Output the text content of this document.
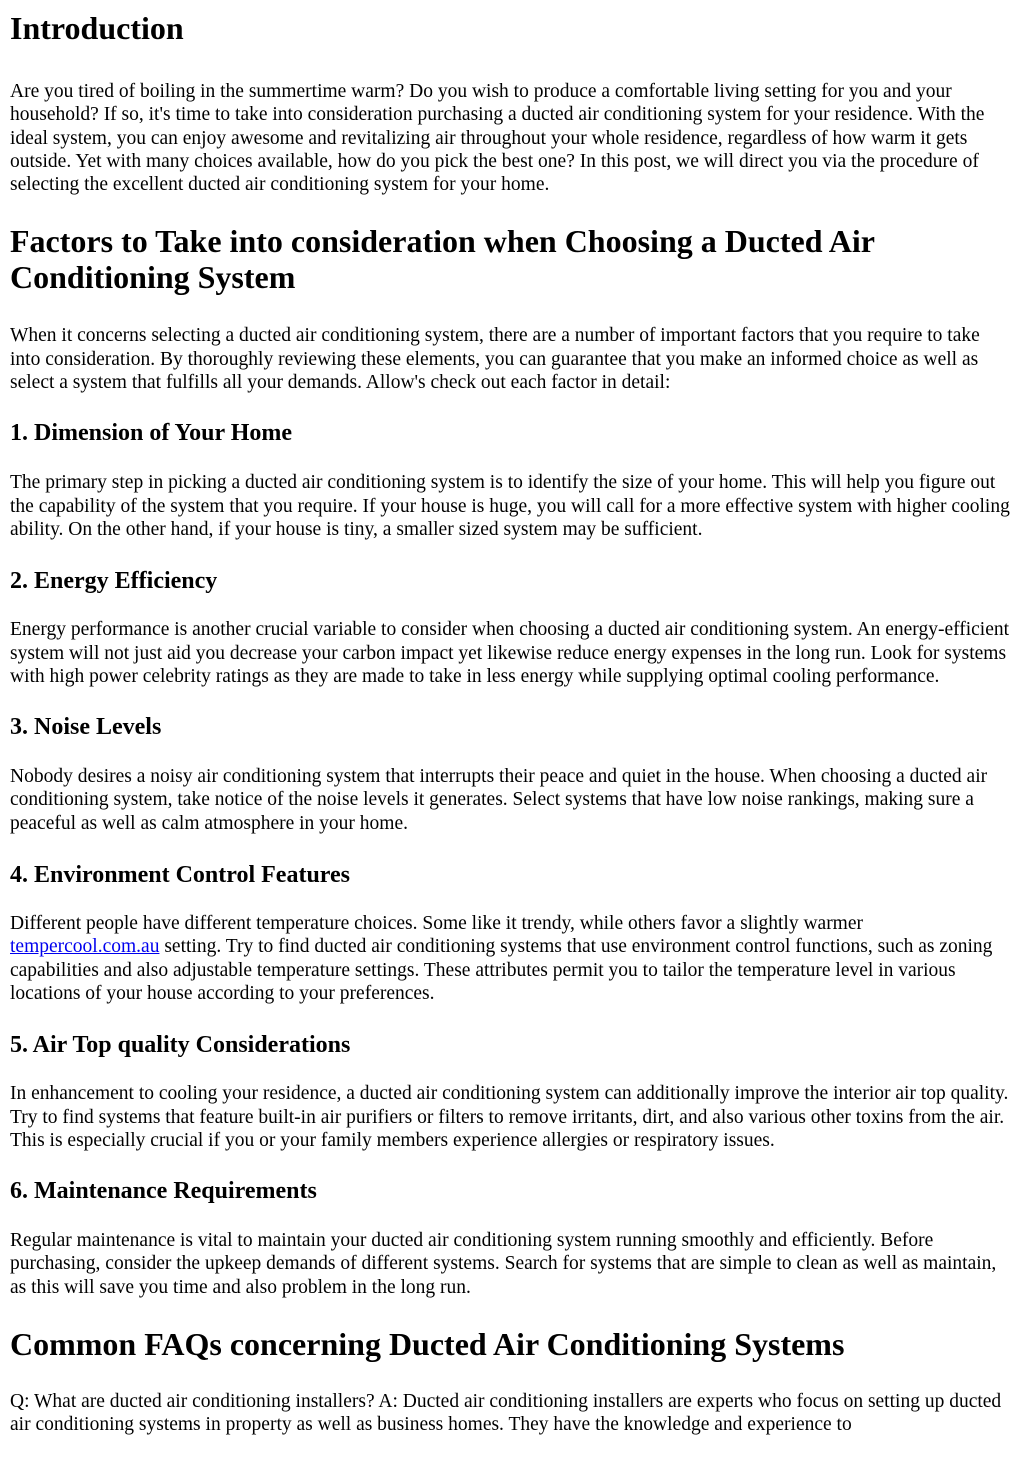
Introduction

Are you tired of boiling in the summertime warm? Do you wish to produce a comfortable living setting for you and your household? If so, it's time to take into consideration purchasing a ducted air conditioning system for your residence. With the ideal system, you can enjoy awesome and revitalizing air throughout your whole residence, regardless of how warm it gets outside. Yet with many choices available, how do you pick the best one? In this post, we will direct you via the procedure of selecting the excellent ducted air conditioning system for your home.

Factors to Take into consideration when Choosing a Ducted Air Conditioning System

When it concerns selecting a ducted air conditioning system, there are a number of important factors that you require to take into consideration. By thoroughly reviewing these elements, you can guarantee that you make an informed choice as well as select a system that fulfills all your demands. Allow's check out each factor in detail:

1. Dimension of Your Home

The primary step in picking a ducted air conditioning system is to identify the size of your home. This will help you figure out the capability of the system that you require. If your house is huge, you will call for a more effective system with higher cooling ability. On the other hand, if your house is tiny, a smaller sized system may be sufficient.

2. Energy Efficiency

Energy performance is another crucial variable to consider when choosing a ducted air conditioning system. An energy-efficient system will not just aid you decrease your carbon impact yet likewise reduce energy expenses in the long run. Look for systems with high power celebrity ratings as they are made to take in less energy while supplying optimal cooling performance.

3. Noise Levels

Nobody desires a noisy air conditioning system that interrupts their peace and quiet in the house. When choosing a ducted air conditioning system, take notice of the noise levels it generates. Select systems that have low noise rankings, making sure a peaceful as well as calm atmosphere in your home.

4. Environment Control Features

Different people have different temperature choices. Some like it trendy, while others favor a slightly warmer tempercool.com.au setting. Try to find ducted air conditioning systems that use environment control functions, such as zoning capabilities and also adjustable temperature settings. These attributes permit you to tailor the temperature level in various locations of your house according to your preferences.

5. Air Top quality Considerations

In enhancement to cooling your residence, a ducted air conditioning system can additionally improve the interior air top quality. Try to find systems that feature built-in air purifiers or filters to remove irritants, dirt, and also various other toxins from the air. This is especially crucial if you or your family members experience allergies or respiratory issues.

6. Maintenance Requirements

Regular maintenance is vital to maintain your ducted air conditioning system running smoothly and efficiently. Before purchasing, consider the upkeep demands of different systems. Search for systems that are simple to clean as well as maintain, as this will save you time and also problem in the long run.

Common FAQs concerning Ducted Air Conditioning Systems

Q: What are ducted air conditioning installers? A: Ducted air conditioning installers are experts who focus on setting up ducted air conditioning systems in property as well as business homes. They have the knowledge and experience to
